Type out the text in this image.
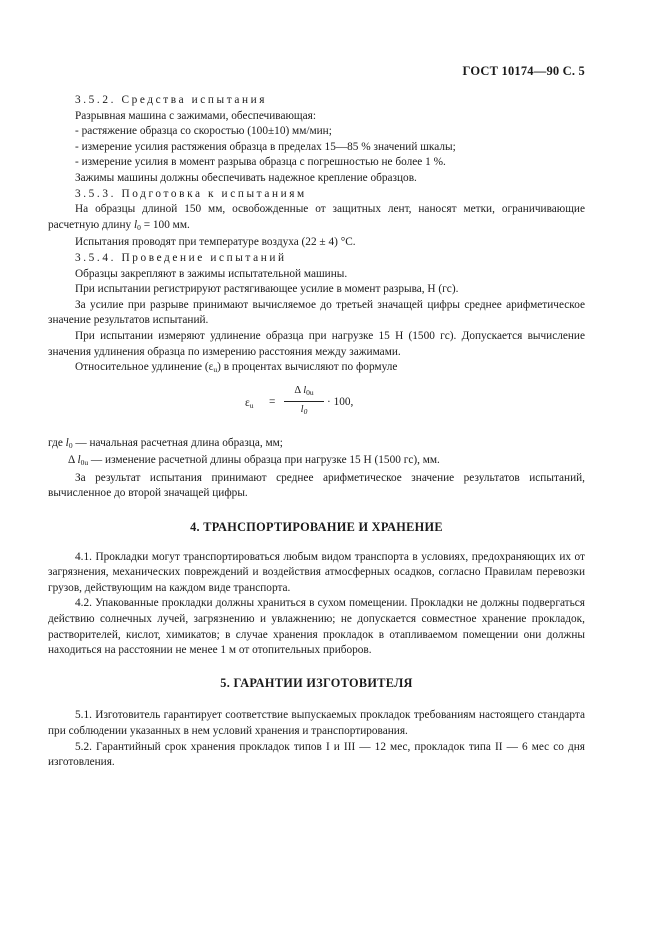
ГОСТ 10174—90 С. 5

3.5.2. Средства испытания

Разрывная машина с зажимами, обеспечивающая:

- растяжение образца со скоростью (100±10) мм/мин;

- измерение усилия растяжения образца в пределах 15—85 % значений шкалы;

- измерение усилия в момент разрыва образца с погрешностью не более 1 %.

Зажимы машины должны обеспечивать надежное крепление образцов.

3.5.3. Подготовка к испытаниям

На образцы длиной 150 мм, освобожденные от защитных лент, наносят метки, ограничивающие расчетную длину $l_0 = 100$ мм.

Испытания проводят при температуре воздуха (22 ± 4) °С.

3.5.4. Проведение испытаний

Образцы закрепляют в зажимы испытательной машины.

При испытании регистрируют растягивающее усилие в момент разрыва, Н (гс).

За усилие при разрыве принимают вычисляемое до третьей значащей цифры среднее арифметическое значение результатов испытаний.

При испытании измеряют удлинение образца при нагрузке 15 Н (1500 гс). Допускается вычисление значения удлинения образца по измерению расстояния между зажимами.

Относительное удлинение $(\varepsilon_u)$ в процентах вычисляют по формуле

$\varepsilon_u$ =
Δ $l_{0u}$
$l_0$
· 100,

где $l_0$ — начальная расчетная длина образца, мм;

Δ $l_{0u}$ — изменение расчетной длины образца при нагрузке 15 Н (1500 гс), мм.

За результат испытания принимают среднее арифметическое значение результатов испытаний, вычисленное до второй значащей цифры.

4. ТРАНСПОРТИРОВАНИЕ И ХРАНЕНИЕ

4.1. Прокладки могут транспортироваться любым видом транспорта в условиях, предохраняющих их от загрязнения, механических повреждений и воздействия атмосферных осадков, согласно Правилам перевозки грузов, действующим на каждом виде транспорта.

4.2. Упакованные прокладки должны храниться в сухом помещении. Прокладки не должны подвергаться действию солнечных лучей, загрязнению и увлажнению; не допускается совместное хранение прокладок, растворителей, кислот, химикатов; в случае хранения прокладок в отапливаемом помещении они должны находиться на расстоянии не менее 1 м от отопительных приборов.

5. ГАРАНТИИ ИЗГОТОВИТЕЛЯ

5.1. Изготовитель гарантирует соответствие выпускаемых прокладок требованиям настоящего стандарта при соблюдении указанных в нем условий хранения и транспортирования.

5.2. Гарантийный срок хранения прокладок типов I и III — 12 мес, прокладок типа II — 6 мес со дня изготовления.
